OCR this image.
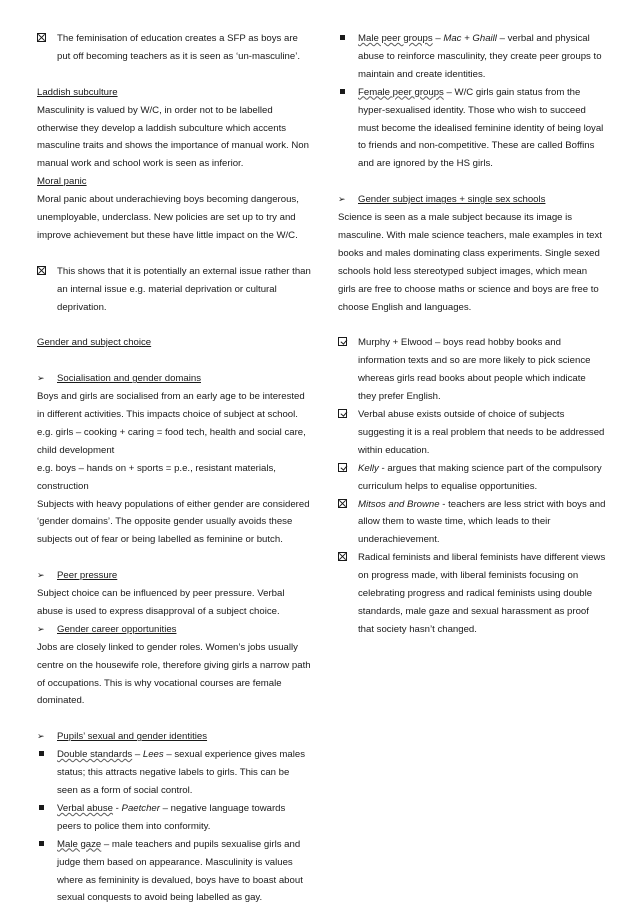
The feminisation of education creates a SFP as boys are put off becoming teachers as it is seen as ‘un-masculine’.

Laddish subculture

Masculinity is valued by W/C, in order not to be labelled otherwise they develop a laddish subculture which accents masculine traits and shows the importance of manual work. Non manual work and school work is seen as inferior.

Moral panic

Moral panic about underachieving boys becoming dangerous, unemployable, underclass. New policies are set up to try and improve achievement but these have little impact on the W/C.

This shows that it is potentially an external issue rather than an internal issue e.g. material deprivation or cultural deprivation.

Gender and subject choice

➢	Socialisation and gender domains

Boys and girls are socialised from an early age to be interested in different activities. This impacts choice of subject at school.

e.g. girls – cooking + caring = food tech, health and social care, child development

e.g. boys – hands on + sports = p.e., resistant materials, construction

Subjects with heavy populations of either gender are considered ‘gender domains’. The opposite gender usually avoids these subjects out of fear or being labelled as feminine or butch.

➢	Peer pressure

Subject choice can be influenced by peer pressure. Verbal abuse is used to express disapproval of a subject choice.

➢	Gender career opportunities

Jobs are closely linked to gender roles. Women’s jobs usually centre on the housewife role, therefore giving girls a narrow path of occupations. This is why vocational courses are female dominated.

➢	Pupils’ sexual and gender identities
Double standards – Lees – sexual experience gives males status; this attracts negative labels to girls. This can be seen as a form of social control.
Verbal abuse - Paetcher – negative language towards peers to police them into conformity.
Male gaze – male teachers and pupils sexualise girls and judge them based on appearance. Masculinity is values where as femininity is devalued, boys have to boast about sexual conquests to avoid being labelled as gay.
Male peer groups – Mac + Ghaill – verbal and physical abuse to reinforce masculinity, they create peer groups to maintain and create identities.
Female peer groups – W/C girls gain status from the hyper-sexualised identity. Those who wish to succeed must become the idealised feminine identity of being loyal to friends and non-competitive. These are called Boffins and are ignored by the HS girls.
➢	Gender subject images + single sex schools

Science is seen as a male subject because its image is masculine. With male science teachers, male examples in text books and males dominating class experiments. Single sexed schools hold less stereotyped subject images, which mean girls are free to choose maths or science and boys are free to choose English and languages.

Murphy + Elwood – boys read hobby books and information texts and so are more likely to pick science whereas girls read books about people which indicate they prefer English.
Verbal abuse exists outside of choice of subjects suggesting it is a real problem that needs to be addressed within education.
Kelly - argues that making science part of the compulsory curriculum helps to equalise opportunities.
Mitsos and Browne - teachers are less strict with boys and allow them to waste time, which leads to their underachievement.
Radical feminists and liberal feminists have different views on progress made, with liberal feminists focusing on celebrating progress and radical feminists using double standards, male gaze and sexual harassment as proof that society hasn’t changed.
